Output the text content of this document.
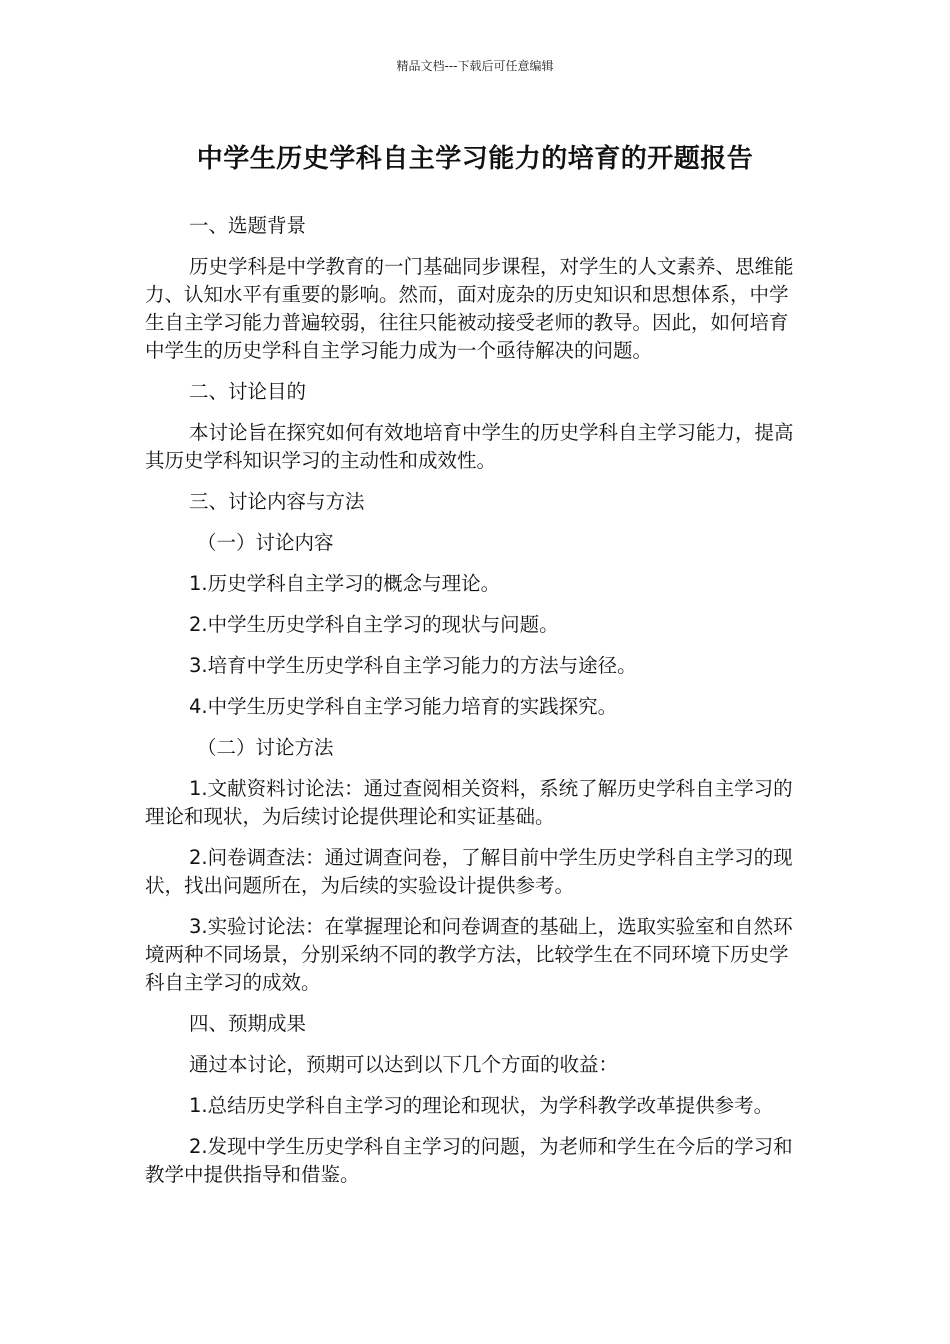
精品文档---下载后可任意编辑
中学生历史学科自主学习能力的培育的开题报告

一、选题背景

历史学科是中学教育的一门基础同步课程，对学生的人文素养、思维能力、认知水平有重要的影响。然而，面对庞杂的历史知识和思想体系，中学生自主学习能力普遍较弱，往往只能被动接受老师的教导。因此，如何培育中学生的历史学科自主学习能力成为一个亟待解决的问题。

二、讨论目的

本讨论旨在探究如何有效地培育中学生的历史学科自主学习能力，提高其历史学科知识学习的主动性和成效性。

三、讨论内容与方法

（一）讨论内容

1.历史学科自主学习的概念与理论。

2.中学生历史学科自主学习的现状与问题。

3.培育中学生历史学科自主学习能力的方法与途径。

4.中学生历史学科自主学习能力培育的实践探究。

（二）讨论方法

1.文献资料讨论法：通过查阅相关资料，系统了解历史学科自主学习的理论和现状，为后续讨论提供理论和实证基础。

2.问卷调查法：通过调查问卷，了解目前中学生历史学科自主学习的现状，找出问题所在，为后续的实验设计提供参考。

3.实验讨论法：在掌握理论和问卷调查的基础上，选取实验室和自然环境两种不同场景，分别采纳不同的教学方法，比较学生在不同环境下历史学科自主学习的成效。

四、预期成果

通过本讨论，预期可以达到以下几个方面的收益：

1.总结历史学科自主学习的理论和现状，为学科教学改革提供参考。

2.发现中学生历史学科自主学习的问题，为老师和学生在今后的学习和教学中提供指导和借鉴。
